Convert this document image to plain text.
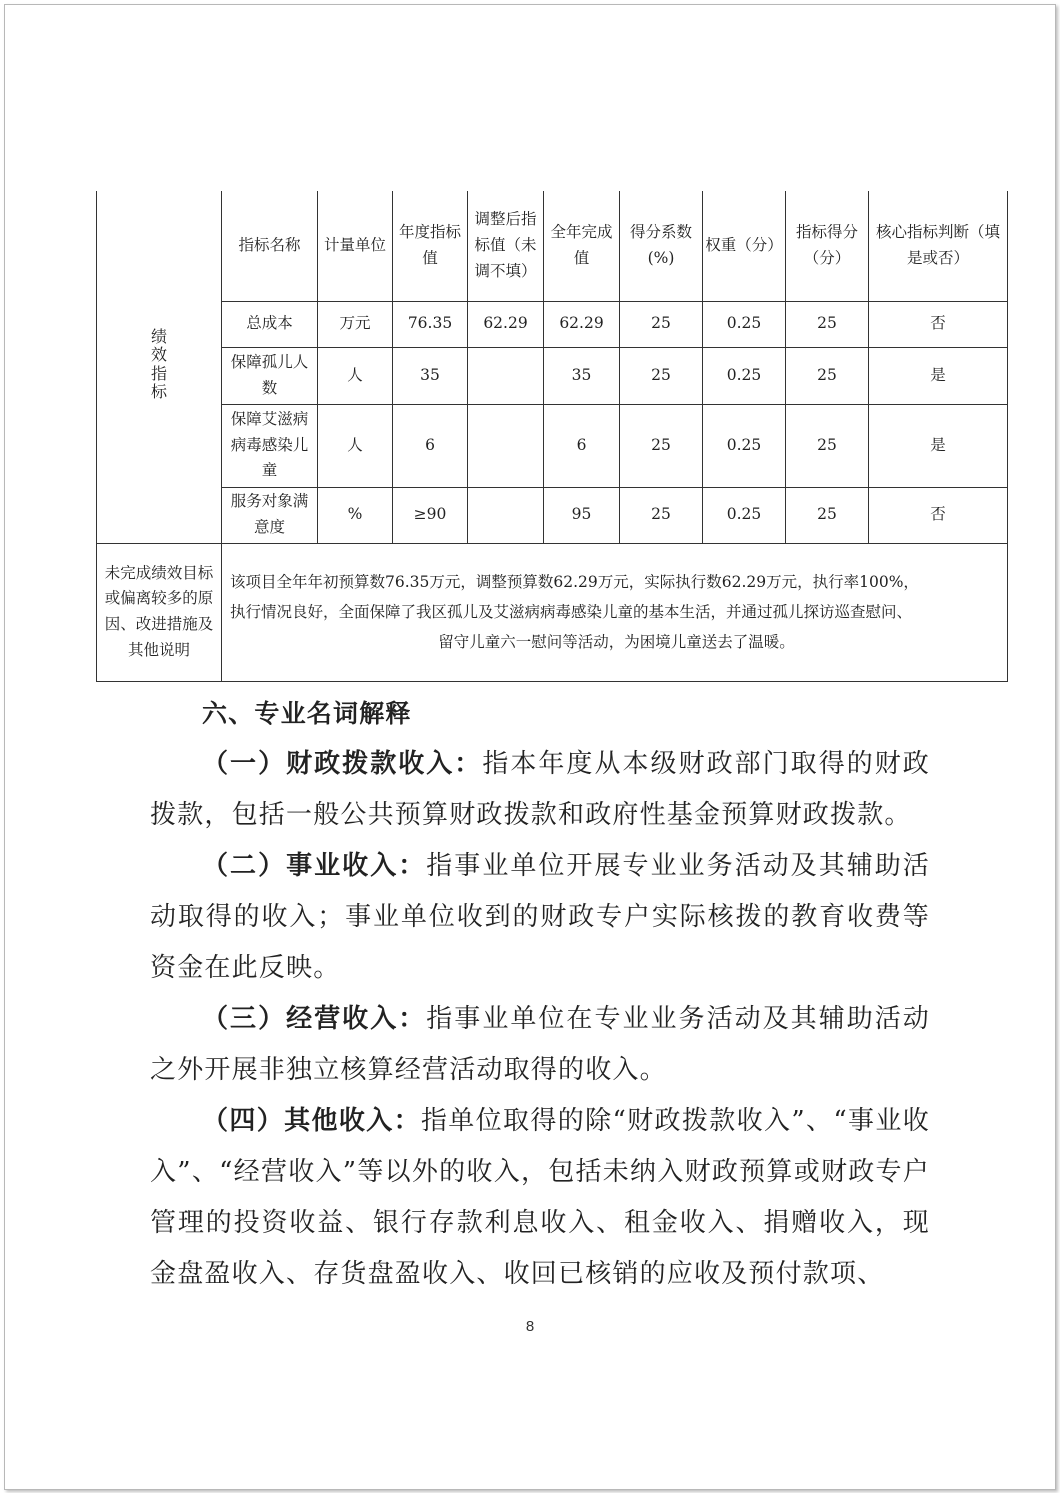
绩效指标	指标名称	计量单位	年度指标值	调整后指标值（未调不填）	全年完成值	得分系数(%)	权重（分）	指标得分（分）	核心指标判断（填是或否）
	总成本	万元	76.35	62.29	62.29	25	0.25	25	否
	保障孤儿人数	人	35		35	25	0.25	25	是
	保障艾滋病病毒感染儿童	人	6		6	25	0.25	25	是
	服务对象满意度	%	≥90		95	25	0.25	25	否
未完成绩效目标或偏离较多的原因、改进措施及其他说明	该项目全年年初预算数76.35万元，调整预算数62.29万元，实际执行数62.29万元，执行率100%，
执行情况良好，全面保障了我区孤儿及艾滋病病毒感染儿童的基本生活，并通过孤儿探访巡查慰问、
留守儿童六一慰问等活动，为困境儿童送去了温暖。								

六、专业名词解释

（一）财政拨款收入：指本年度从本级财政部门取得的财政拨款，包括一般公共预算财政拨款和政府性基金预算财政拨款。

（二）事业收入：指事业单位开展专业业务活动及其辅助活动取得的收入；事业单位收到的财政专户实际核拨的教育收费等资金在此反映。

（三）经营收入：指事业单位在专业业务活动及其辅助活动之外开展非独立核算经营活动取得的收入。

（四）其他收入：指单位取得的除“财政拨款收入”、“事业收入”、“经营收入”等以外的收入，包括未纳入财政预算或财政专户管理的投资收益、银行存款利息收入、租金收入、捐赠收入，现金盘盈收入、存货盘盈收入、收回已核销的应收及预付款项、

8
